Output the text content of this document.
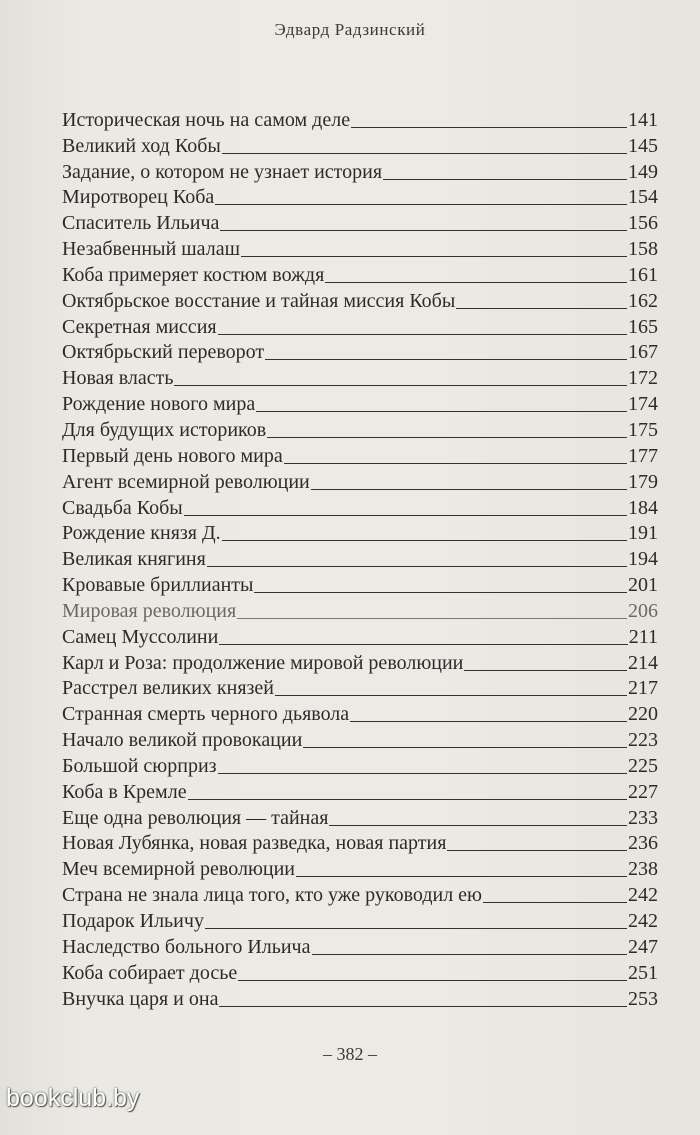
Эдвард Радзинский
Историческая ночь на самом деле	141
Великий ход Кобы	145
Задание, о котором не узнает история	149
Миротворец Коба	154
Спаситель Ильича	156
Незабвенный шалаш	158
Коба примеряет костюм вождя	161
Октябрьское восстание и тайная миссия Кобы	162
Секретная миссия	165
Октябрьский переворот	167
Новая власть	172
Рождение нового мира	174
Для будущих историков	175
Первый день нового мира	177
Агент всемирной революции	179
Свадьба Кобы	184
Рождение князя Д.	191
Великая княгиня	194
Кровавые бриллианты	201
Мировая революция	206
Самец Муссолини	211
Карл и Роза: продолжение мировой революции	214
Расстрел великих князей	217
Странная смерть черного дьявола	220
Начало великой провокации	223
Большой сюрприз	225
Коба в Кремле	227
Еще одна революция — тайная	233
Новая Лубянка, новая разведка, новая партия	236
Меч всемирной революции	238
Страна не знала лица того, кто уже руководил ею	242
Подарок Ильичу	242
Наследство больного Ильича	247
Коба собирает досье	251
Внучка царя и она	253
– 382 –
bookclub.by
